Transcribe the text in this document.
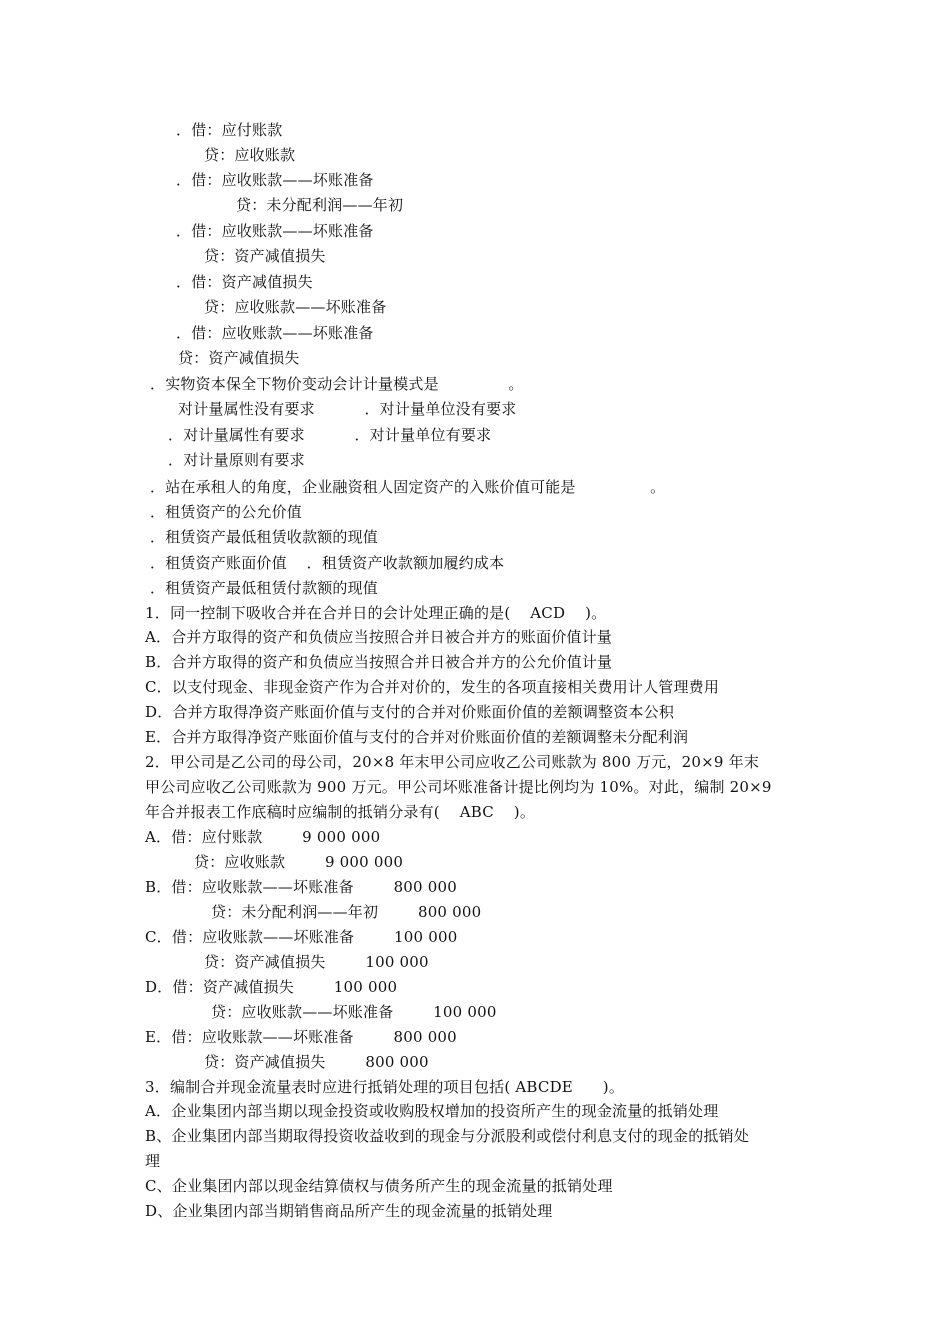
．借：应付账款
贷：应收账款
．借：应收账款——坏账准备
贷：未分配利润——年初
．借：应收账款——坏账准备
贷：资产减值损失
．借：资产减值损失
贷：应收账款——坏账准备
．借：应收账款——坏账准备
贷：资产减值损失
．实物资本保全下物价变动会计计量模式是              。
对计量属性没有要求          ．对计量单位没有要求
．对计量属性有要求          ．对计量单位有要求
．对计量原则有要求
．站在承租人的角度，企业融资租人固定资产的入账价值可能是               。
．租赁资产的公允价值
．租赁资产最低租赁收款额的现值
．租赁资产账面价值    ．租赁资产收款额加履约成本
．租赁资产最低租赁付款额的现值
1．同一控制下吸收合并在合并日的会计处理正确的是(    ACD    )。
A．合并方取得的资产和负债应当按照合并日被合并方的账面价值计量
B．合并方取得的资产和负债应当按照合并日被合并方的公允价值计量
C．以支付现金、非现金资产作为合并对价的，发生的各项直接相关费用计人管理费用
D．合并方取得净资产账面价值与支付的合并对价账面价值的差额调整资本公积
E．合并方取得净资产账面价值与支付的合并对价账面价值的差额调整未分配利润
2．甲公司是乙公司的母公司，20×8 年末甲公司应收乙公司账款为 800 万元，20×9 年末
甲公司应收乙公司账款为 900 万元。甲公司坏账准备计提比例均为 10%。对此，编制 20×9
年合并报表工作底稿时应编制的抵销分录有(    ABC    )。
A．借：应付账款        9 000 000
贷：应收账款        9 000 000
B．借：应收账款——坏账准备        800 000
贷：未分配利润——年初        800 000
C．借：应收账款——坏账准备        100 000
贷：资产减值损失        100 000
D．借：资产减值损失        100 000
贷：应收账款——坏账准备        100 000
E．借：应收账款——坏账准备        800 000
贷：资产减值损失        800 000
3．编制合并现金流量表时应进行抵销处理的项目包括( ABCDE      )。
A．企业集团内部当期以现金投资或收购股权增加的投资所产生的现金流量的抵销处理
B、企业集团内部当期取得投资收益收到的现金与分派股利或偿付利息支付的现金的抵销处
理
C、企业集团内部以现金结算债权与债务所产生的现金流量的抵销处理
D、企业集团内部当期销售商品所产生的现金流量的抵销处理
